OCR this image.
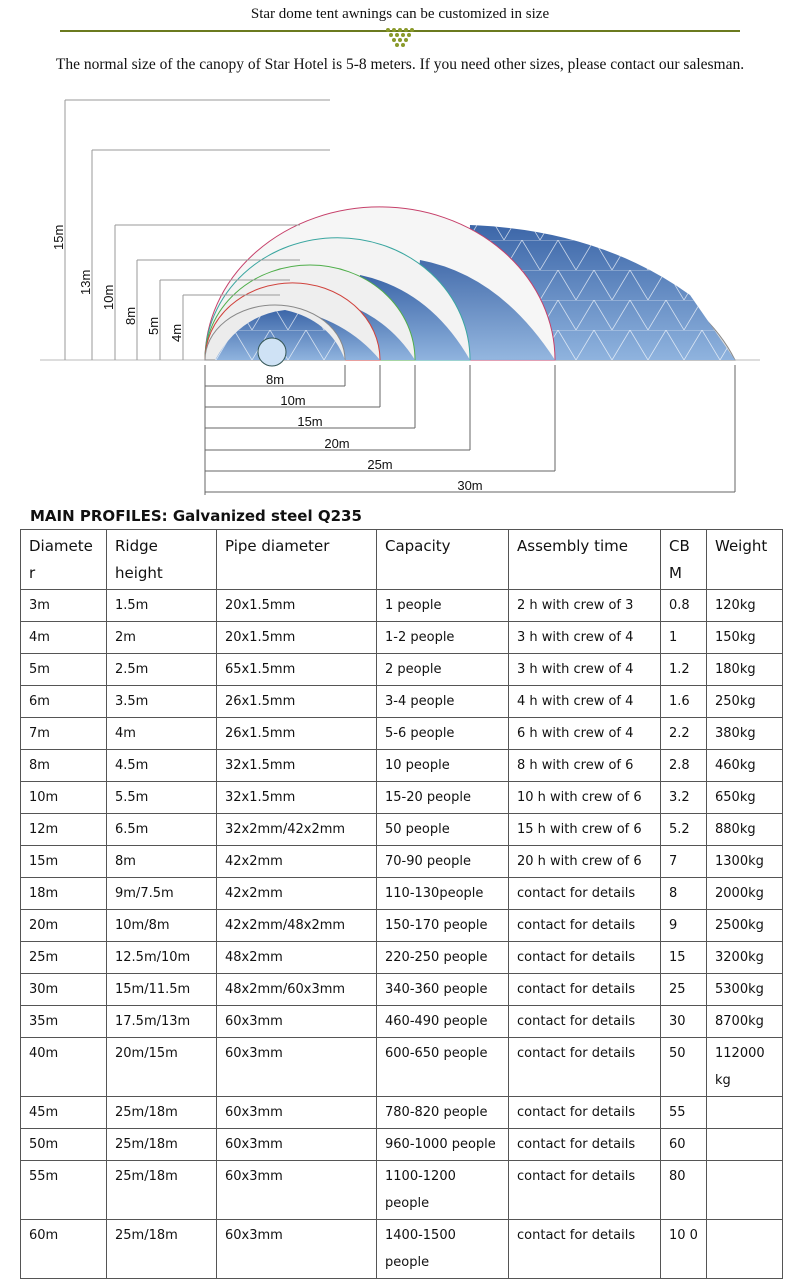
Star dome tent awnings can be customized in size
The normal size of the canopy of Star Hotel is 5-8 meters. If you need other sizes, please contact our salesman.
15m
13m
10m
8m
5m 4m
8m
10m
15m
20m
25m
30m
MAIN PROFILES: Galvanized steel Q235
Diamete r	Ridge height	Pipe diameter	Capacity	Assembly time	CB M	Weight
3m	1.5m	20x1.5mm	1 people	2 h with crew of 3	0.8	120kg
4m	2m	20x1.5mm	1-2 people	3 h with crew of 4	1	150kg
5m	2.5m	65x1.5mm	2 people	3 h with crew of 4	1.2	180kg
6m	3.5m	26x1.5mm	3-4 people	4 h with crew of 4	1.6	250kg
7m	4m	26x1.5mm	5-6 people	6 h with crew of 4	2.2	380kg
8m	4.5m	32x1.5mm	10 people	8 h with crew of 6	2.8	460kg
10m	5.5m	32x1.5mm	15-20 people	10 h with crew of 6	3.2	650kg
12m	6.5m	32x2mm/42x2mm	50 people	15 h with crew of 6	5.2	880kg
15m	8m	42x2mm	70-90 people	20 h with crew of 6	7	1300kg
18m	9m/7.5m	42x2mm	110-130people	contact for details	8	2000kg
20m	10m/8m	42x2mm/48x2mm	150-170 people	contact for details	9	2500kg
25m	12.5m/10m	48x2mm	220-250 people	contact for details	15	3200kg
30m	15m/11.5m	48x2mm/60x3mm	340-360 people	contact for details	25	5300kg
35m	17.5m/13m	60x3mm	460-490 people	contact for details	30	8700kg
40m	20m/15m	60x3mm	600-650 people	contact for details	50	112000 kg
45m	25m/18m	60x3mm	780-820 people	contact for details	55	
50m	25m/18m	60x3mm	960-1000 people	contact for details	60	
55m	25m/18m	60x3mm	1100-1200 people	contact for details	80	
60m	25m/18m	60x3mm	1400-1500 people	contact for details	10 0	
